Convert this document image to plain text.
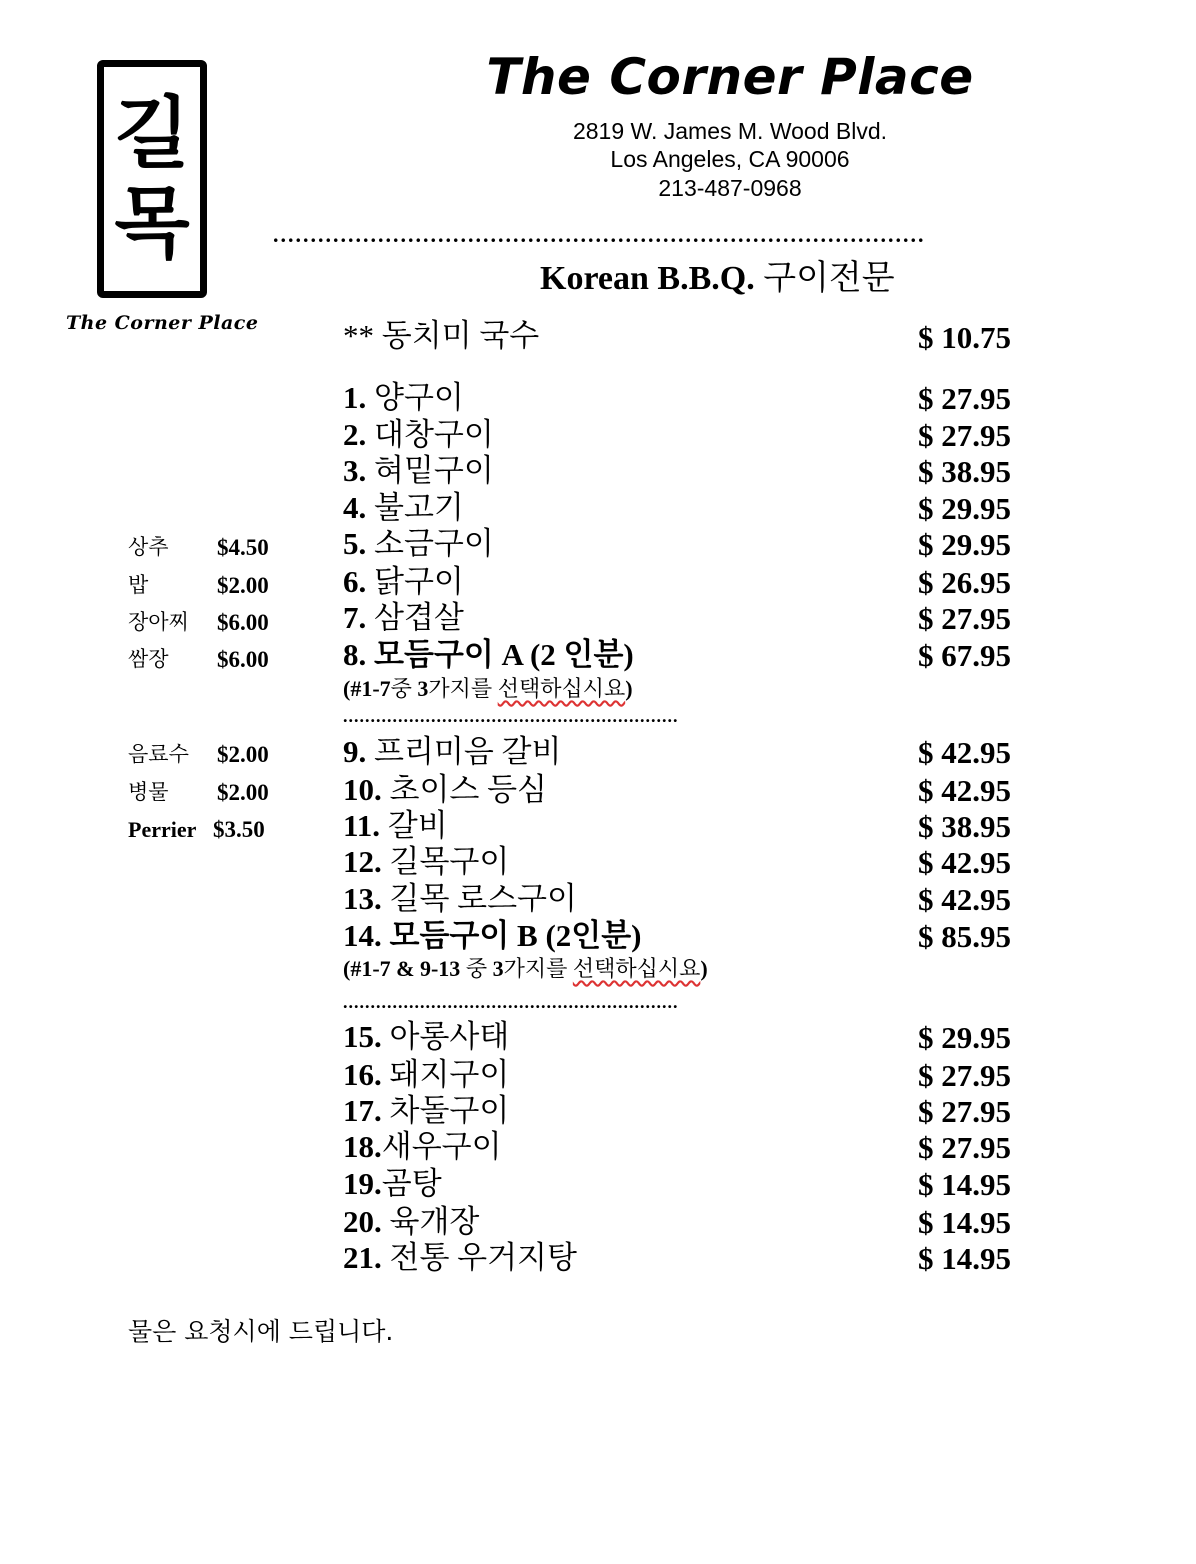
길
목
The Corner Place
The Corner Place
2819 W. James M. Wood Blvd.
Los Angeles, CA 90006
213-487-0968
.......................................................................................
Korean B.B.Q. 구이전문
** 동치미 국수	$ 10.75
1. 양구이	$ 27.95
2. 대창구이	$ 27.95
3. 혀밑구이	$ 38.95
4. 불고기	$ 29.95
5. 소금구이	$ 29.95
6. 닭구이	$ 26.95
7. 삼겹살	$ 27.95
8. 모듬구이 A (2 인분)	$ 67.95
(#1-7중 3가지를 선택하십시요)
.............................................................
9. 프리미음 갈비	$ 42.95
10. 초이스 등심	$ 42.95
11. 갈비	$ 38.95
12. 길목구이	$ 42.95
13. 길목 로스구이	$ 42.95
14. 모듬구이 B (2인분)	$ 85.95
(#1-7 & 9-13 중 3가지를 선택하십시요)
.............................................................
15. 아롱사태	$ 29.95
16. 돼지구이	$ 27.95
17. 차돌구이	$ 27.95
18.새우구이	$ 27.95
19.곰탕	$ 14.95
20. 육개장	$ 14.95
21. 전통 우거지탕	$ 14.95
상추 $4.50
밥	$2.00
장아찌 $6.00
쌈장 $6.00
음료수 $2.00
병물 $2.00
Perrier $3.50
물은 요청시에 드립니다.
